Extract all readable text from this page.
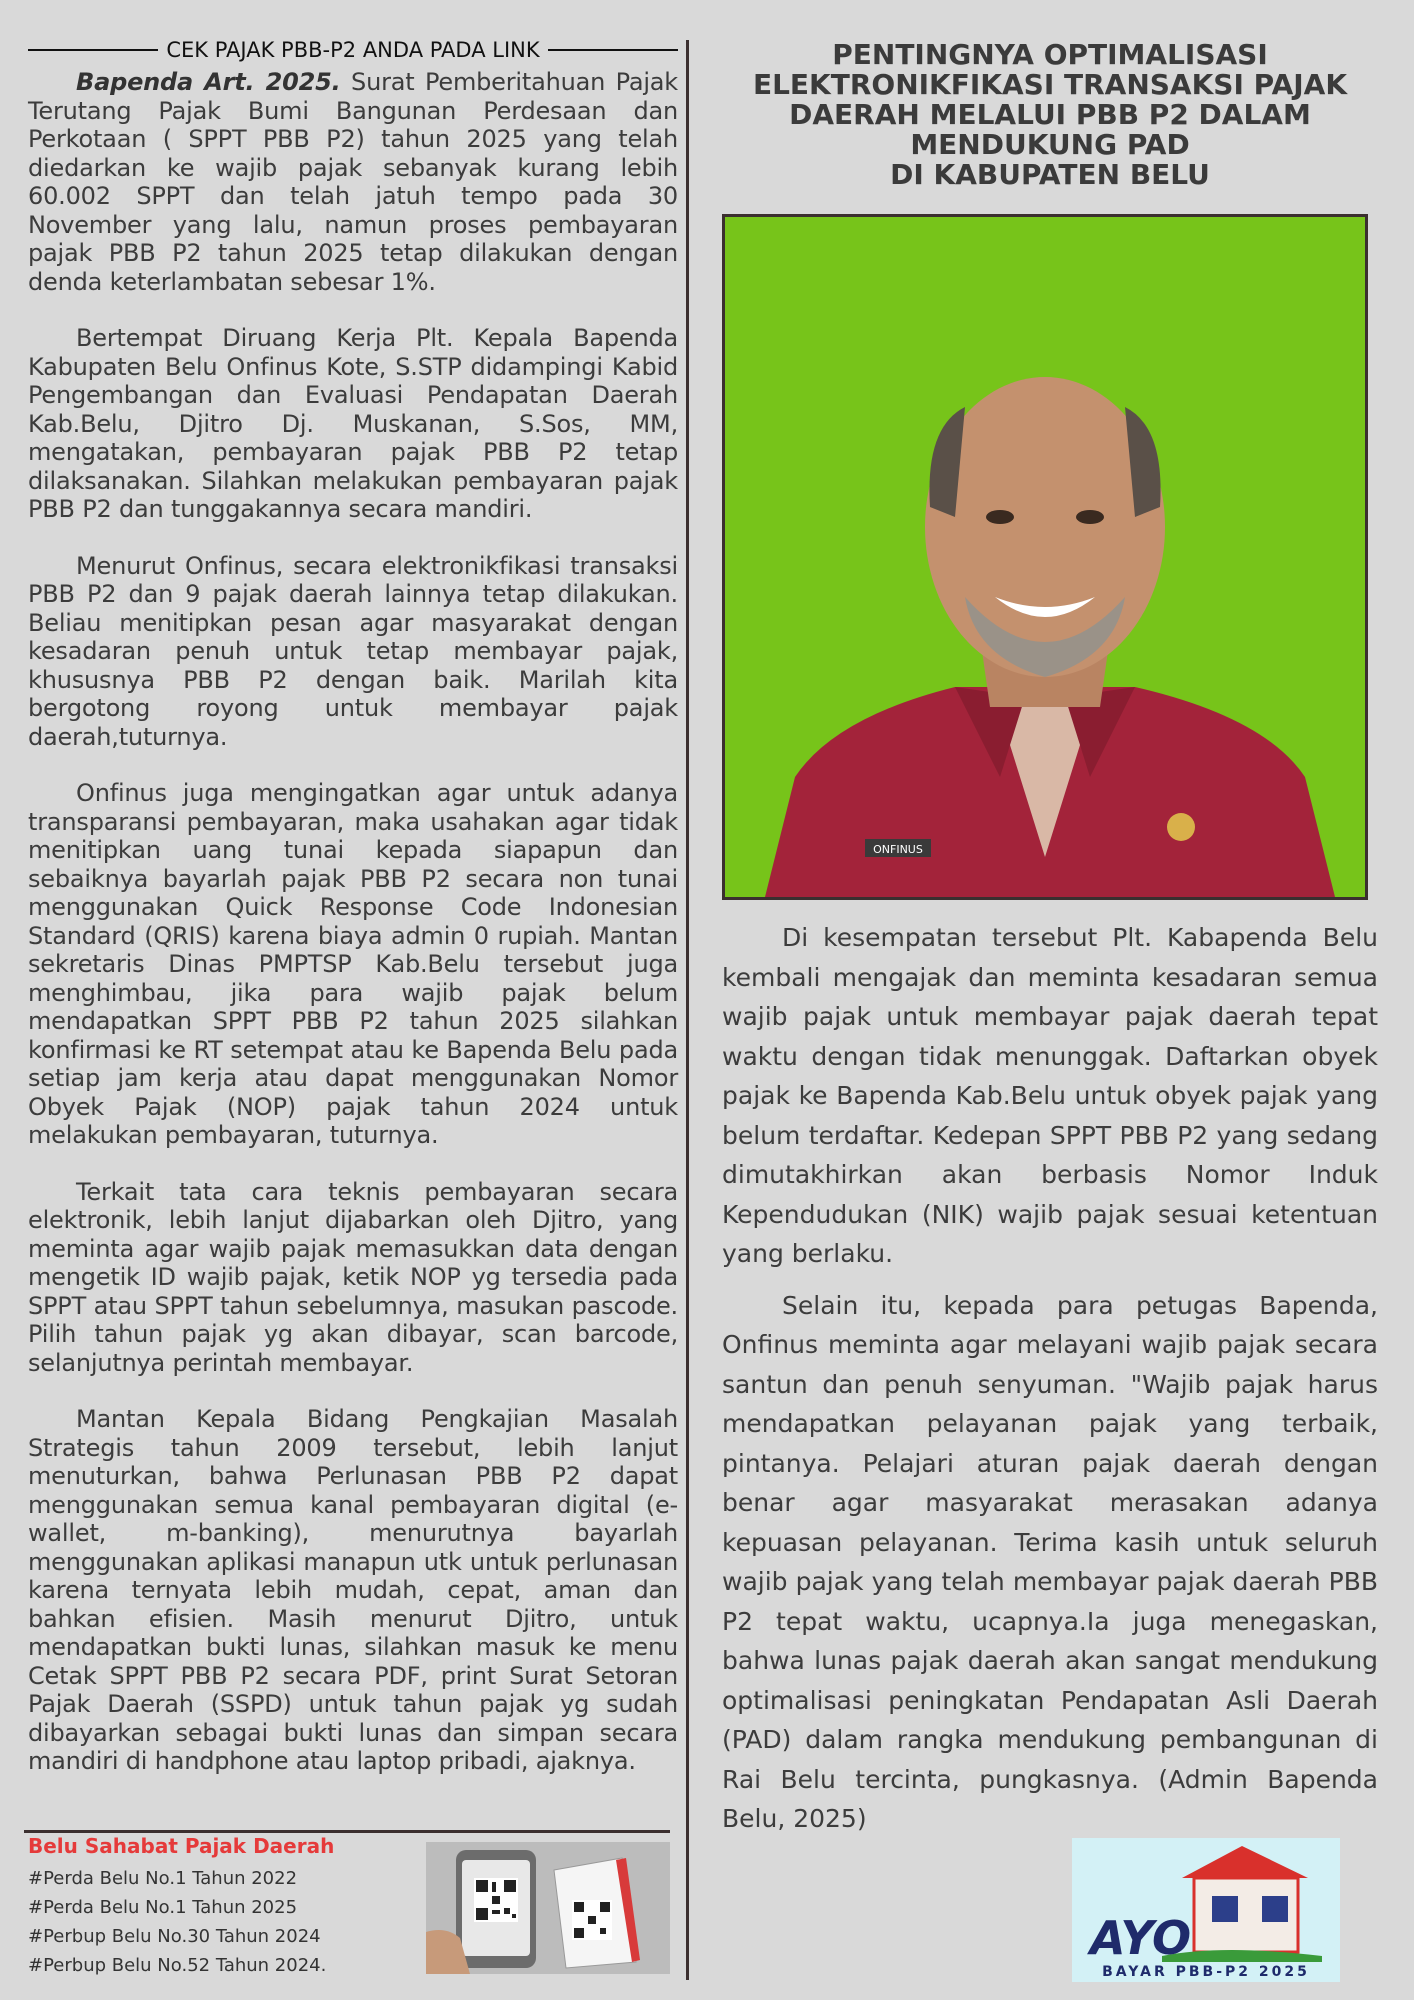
CEK PAJAK PBB-P2 ANDA PADA LINK

Bapenda Art. 2025. Surat Pemberitahuan Pajak Terutang Pajak Bumi Bangunan Perdesaan dan Perkotaan ( SPPT PBB P2) tahun 2025 yang telah diedarkan ke wajib pajak sebanyak kurang lebih 60.002 SPPT dan telah jatuh tempo pada 30 November yang lalu, namun proses pembayaran pajak PBB P2 tahun 2025 tetap dilakukan dengan denda keterlambatan sebesar 1%.

Bertempat Diruang Kerja Plt. Kepala Bapenda Kabupaten Belu Onfinus Kote, S.STP didampingi Kabid Pengembangan dan Evaluasi Pendapatan Daerah Kab.Belu, Djitro Dj. Muskanan, S.Sos, MM, mengatakan, pembayaran pajak PBB P2 tetap dilaksanakan. Silahkan melakukan pembayaran pajak PBB P2 dan tunggakannya secara mandiri.

Menurut Onfinus, secara elektronikfikasi transaksi PBB P2 dan 9 pajak daerah lainnya tetap dilakukan. Beliau menitipkan pesan agar masyarakat dengan kesadaran penuh untuk tetap membayar pajak, khususnya PBB P2 dengan baik. Marilah kita bergotong royong untuk membayar pajak daerah,tuturnya.

Onfinus juga mengingatkan agar untuk adanya transparansi pembayaran, maka usahakan agar tidak menitipkan uang tunai kepada siapapun dan sebaiknya bayarlah pajak PBB P2 secara non tunai menggunakan Quick Response Code Indonesian Standard (QRIS) karena biaya admin 0 rupiah. Mantan sekretaris Dinas PMPTSP Kab.Belu tersebut juga menghimbau, jika para wajib pajak belum mendapatkan SPPT PBB P2 tahun 2025 silahkan konfirmasi ke RT setempat atau ke Bapenda Belu pada setiap jam kerja atau dapat menggunakan Nomor Obyek Pajak (NOP) pajak tahun 2024 untuk melakukan pembayaran, tuturnya.

Terkait tata cara teknis pembayaran secara elektronik, lebih lanjut dijabarkan oleh Djitro, yang meminta agar wajib pajak memasukkan data dengan mengetik ID wajib pajak, ketik NOP yg tersedia pada SPPT atau SPPT tahun sebelumnya, masukan pascode. Pilih tahun pajak yg akan dibayar, scan barcode, selanjutnya perintah membayar.

Mantan Kepala Bidang Pengkajian Masalah Strategis tahun 2009 tersebut, lebih lanjut menuturkan, bahwa Perlunasan PBB P2 dapat menggunakan semua kanal pembayaran digital (e-wallet, m-banking), menurutnya bayarlah menggunakan aplikasi manapun utk untuk perlunasan karena ternyata lebih mudah, cepat, aman dan bahkan efisien. Masih menurut Djitro, untuk mendapatkan bukti lunas, silahkan masuk ke menu Cetak SPPT PBB P2 secara PDF, print Surat Setoran Pajak Daerah (SSPD) untuk tahun pajak yg sudah dibayarkan sebagai bukti lunas dan simpan secara mandiri di handphone atau laptop pribadi, ajaknya.

Belu Sahabat Pajak Daerah
#Perda Belu No.1 Tahun 2022
#Perda Belu No.1 Tahun 2025
#Perbup Belu No.30 Tahun 2024
#Perbup Belu No.52 Tahun 2024.
PENTINGNYA OPTIMALISASI
ELEKTRONIKFIKASI TRANSAKSI PAJAK
DAERAH MELALUI PBB P2 DALAM
MENDUKUNG PAD
DI KABUPATEN BELU
ONFINUS

Di kesempatan tersebut Plt. Kabapenda Belu kembali mengajak dan meminta kesadaran semua wajib pajak untuk membayar pajak daerah tepat waktu dengan tidak menunggak. Daftarkan obyek pajak ke Bapenda Kab.Belu untuk obyek pajak yang belum terdaftar. Kedepan SPPT PBB P2 yang sedang dimutakhirkan akan berbasis Nomor Induk Kependudukan (NIK) wajib pajak sesuai ketentuan yang berlaku.

Selain itu, kepada para petugas Bapenda, Onfinus meminta agar melayani wajib pajak secara santun dan penuh senyuman. "Wajib pajak harus mendapatkan pelayanan pajak yang terbaik, pintanya. Pelajari aturan pajak daerah dengan benar agar masyarakat merasakan adanya kepuasan pelayanan. Terima kasih untuk seluruh wajib pajak yang telah membayar pajak daerah PBB P2 tepat waktu, ucapnya.Ia juga menegaskan, bahwa lunas pajak daerah akan sangat mendukung optimalisasi peningkatan Pendapatan Asli Daerah (PAD) dalam rangka mendukung pembangunan di Rai Belu tercinta, pungkasnya. (Admin Bapenda Belu, 2025)

AYO
BAYAR PBB-P2 2025
